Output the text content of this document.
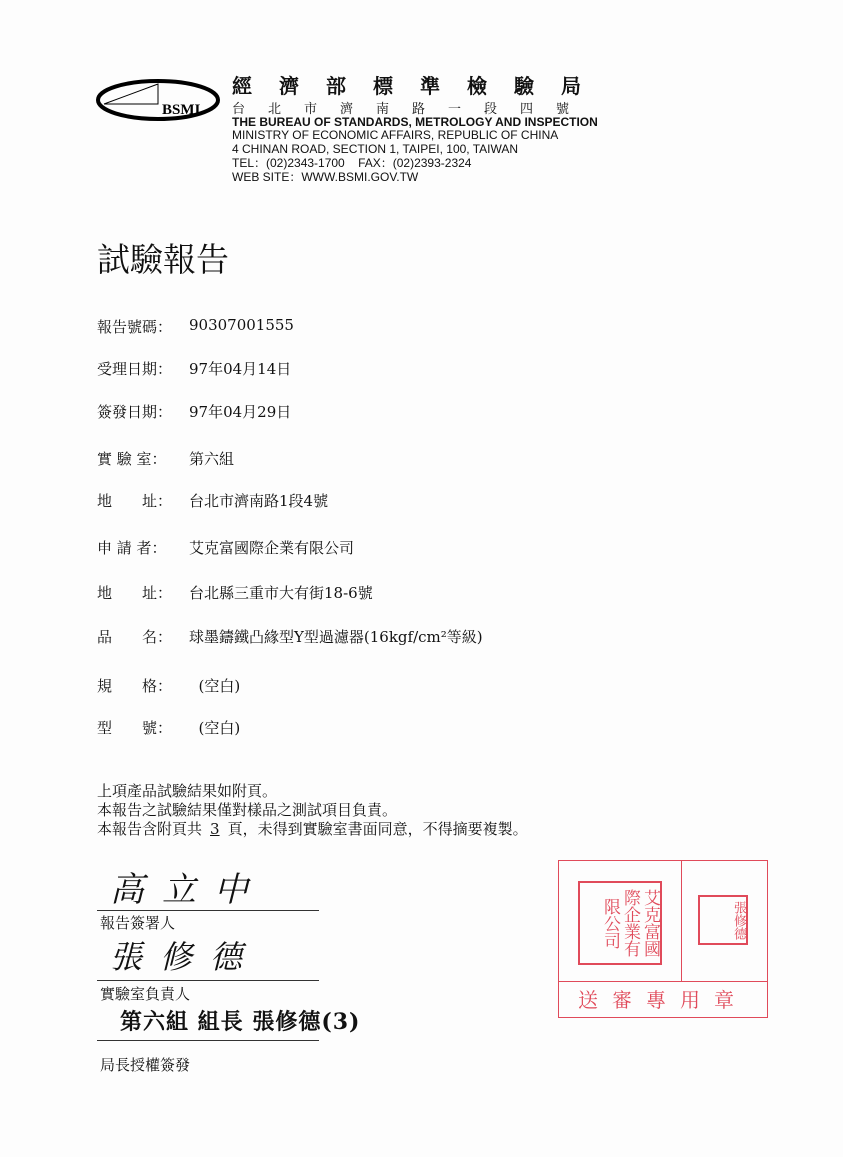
BSMI
經濟部標準檢驗局
台北市濟南路一段四號
THE BUREAU OF STANDARDS, METROLOGY AND INSPECTION
MINISTRY OF ECONOMIC AFFAIRS, REPUBLIC OF CHINA
4 CHINAN ROAD, SECTION 1, TAIPEI, 100, TAIWAN
TEL：(02)2343-1700    FAX：(02)2393-2324
WEB SITE：WWW.BSMI.GOV.TW
試驗報告
報告號碼：	90307001555
受理日期：	97年04月14日
簽發日期：	97年04月29日
實 驗 室：	第六組
地　　址：	台北市濟南路1段4號
申 請 者：	艾克富國際企業有限公司
地　　址：	台北縣三重市大有街18-6號
品　　名：	球墨鑄鐵凸緣型Y型過濾器(16kgf/cm²等級)
規　　格：	(空白)
型　　號：	(空白)
上項產品試驗結果如附頁。
本報告之試驗結果僅對樣品之測試項目負責。
本報告含附頁共 3 頁，未得到實驗室書面同意，不得摘要複製。
高立中
報告簽署人
張修德
實驗室負責人
第六組 組長 張修德(3)
局長授權簽發
艾克富國際企業有限公司	張修德
送審專用章
